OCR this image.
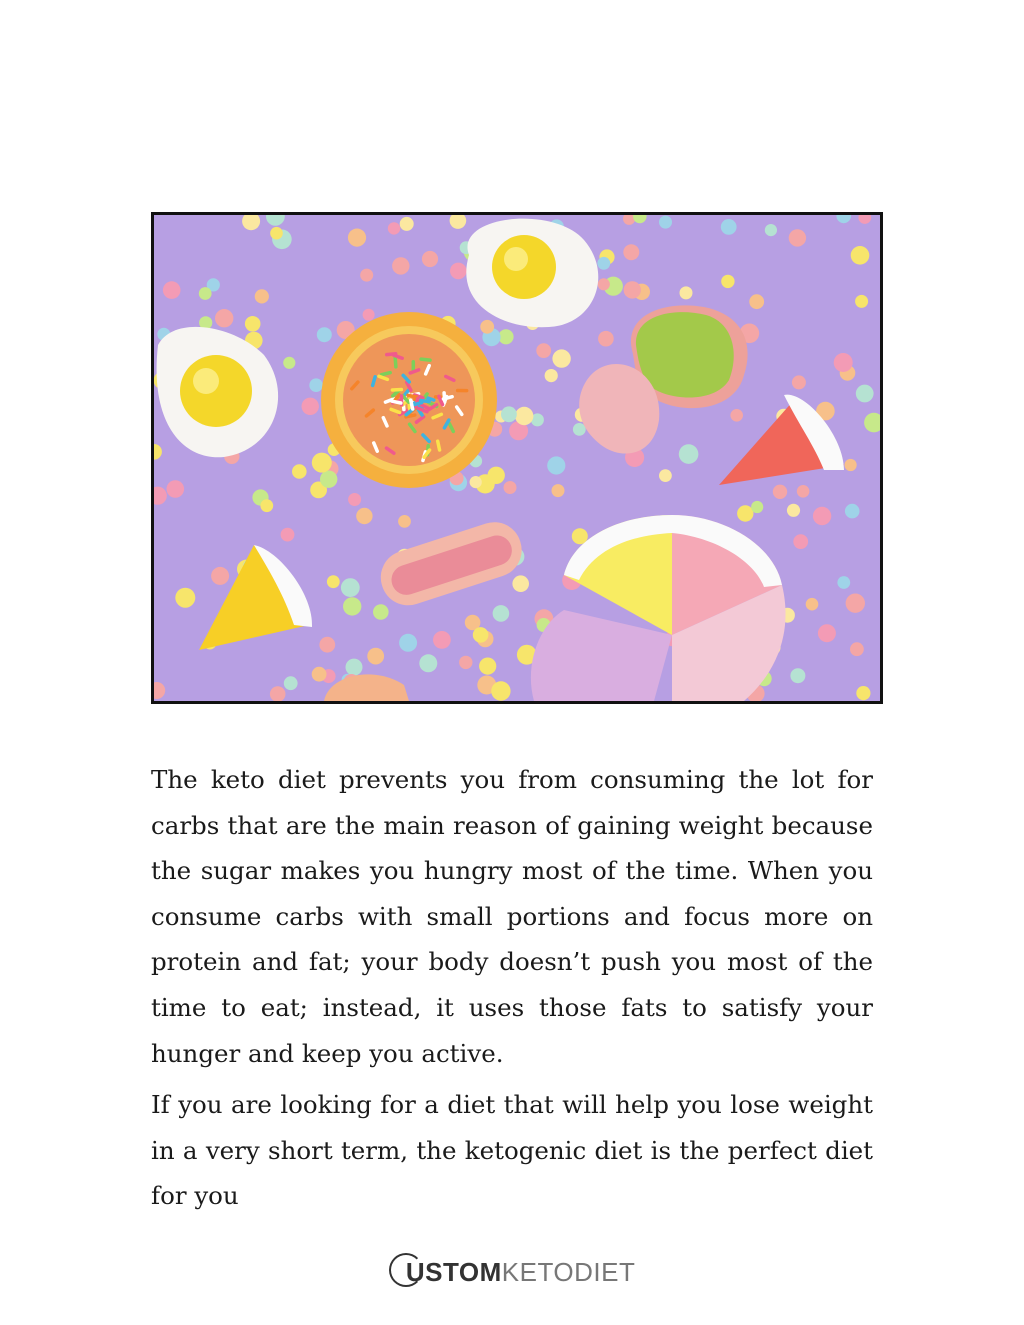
The keto diet prevents you from consuming the lot for carbs that are the main reason of gaining weight because the sugar makes you hungry most of the time. When you consume carbs with small portions and focus more on protein and fat; your body doesn’t push you most of the time to eat; instead, it uses those fats to satisfy your hunger and keep you active.

If you are looking for a diet that will help you lose weight in a very short term, the ketogenic diet is the perfect diet for you

USTOM KETODIET
